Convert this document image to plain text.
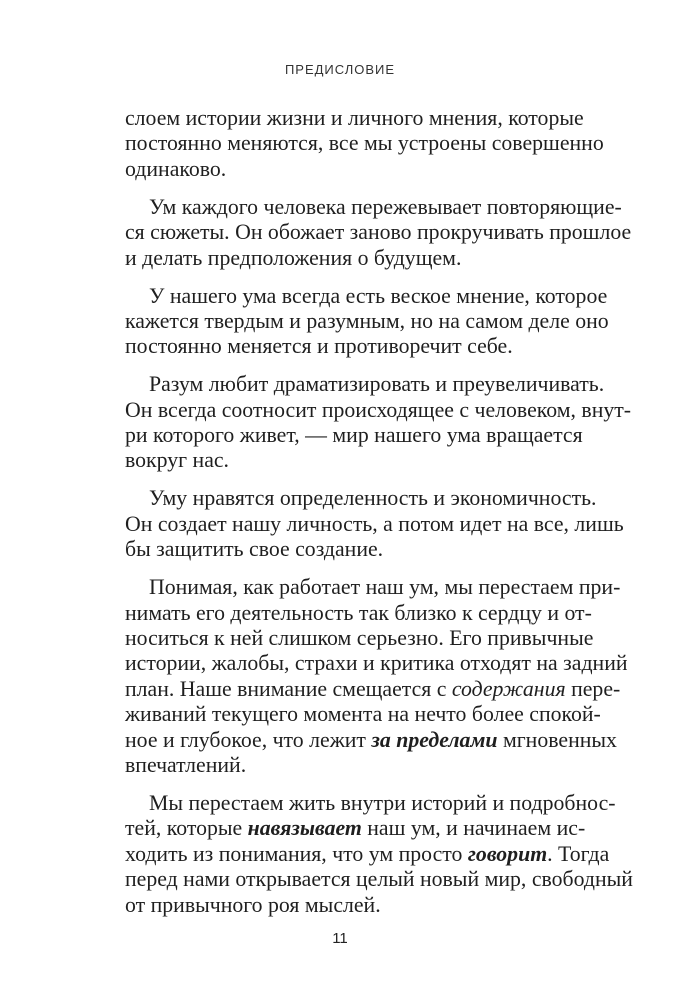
ПРЕДИСЛОВИЕ
слоем истории жизни и личного мнения, которые
постоянно меняются, все мы устроены совершенно
одинаково.
Ум каждого человека пережевывает повторяющие-
ся сюжеты. Он обожает заново прокручивать прошлое
и делать предположения о будущем.
У нашего ума всегда есть веское мнение, которое
кажется твердым и разумным, но на самом деле оно
постоянно меняется и противоречит себе.
Разум любит драматизировать и преувеличивать.
Он всегда соотносит происходящее с человеком, внут-
ри которого живет, — мир нашего ума вращается
вокруг нас.
Уму нравятся определенность и экономичность.
Он создает нашу личность, а потом идет на все, лишь
бы защитить свое создание.
Понимая, как работает наш ум, мы перестаем при-
нимать его деятельность так близко к сердцу и от-
носиться к ней слишком серьезно. Его привычные
истории, жалобы, страхи и критика отходят на задний
план. Наше внимание смещается с содержания пере-
живаний текущего момента на нечто более спокой-
ное и глубокое, что лежит за пределами мгновенных
впечатлений.
Мы перестаем жить внутри историй и подробнос-
тей, которые навязывает наш ум, и начинаем ис-
ходить из понимания, что ум просто говорит. Тогда
перед нами открывается целый новый мир, свободный
от привычного роя мыслей.
11
